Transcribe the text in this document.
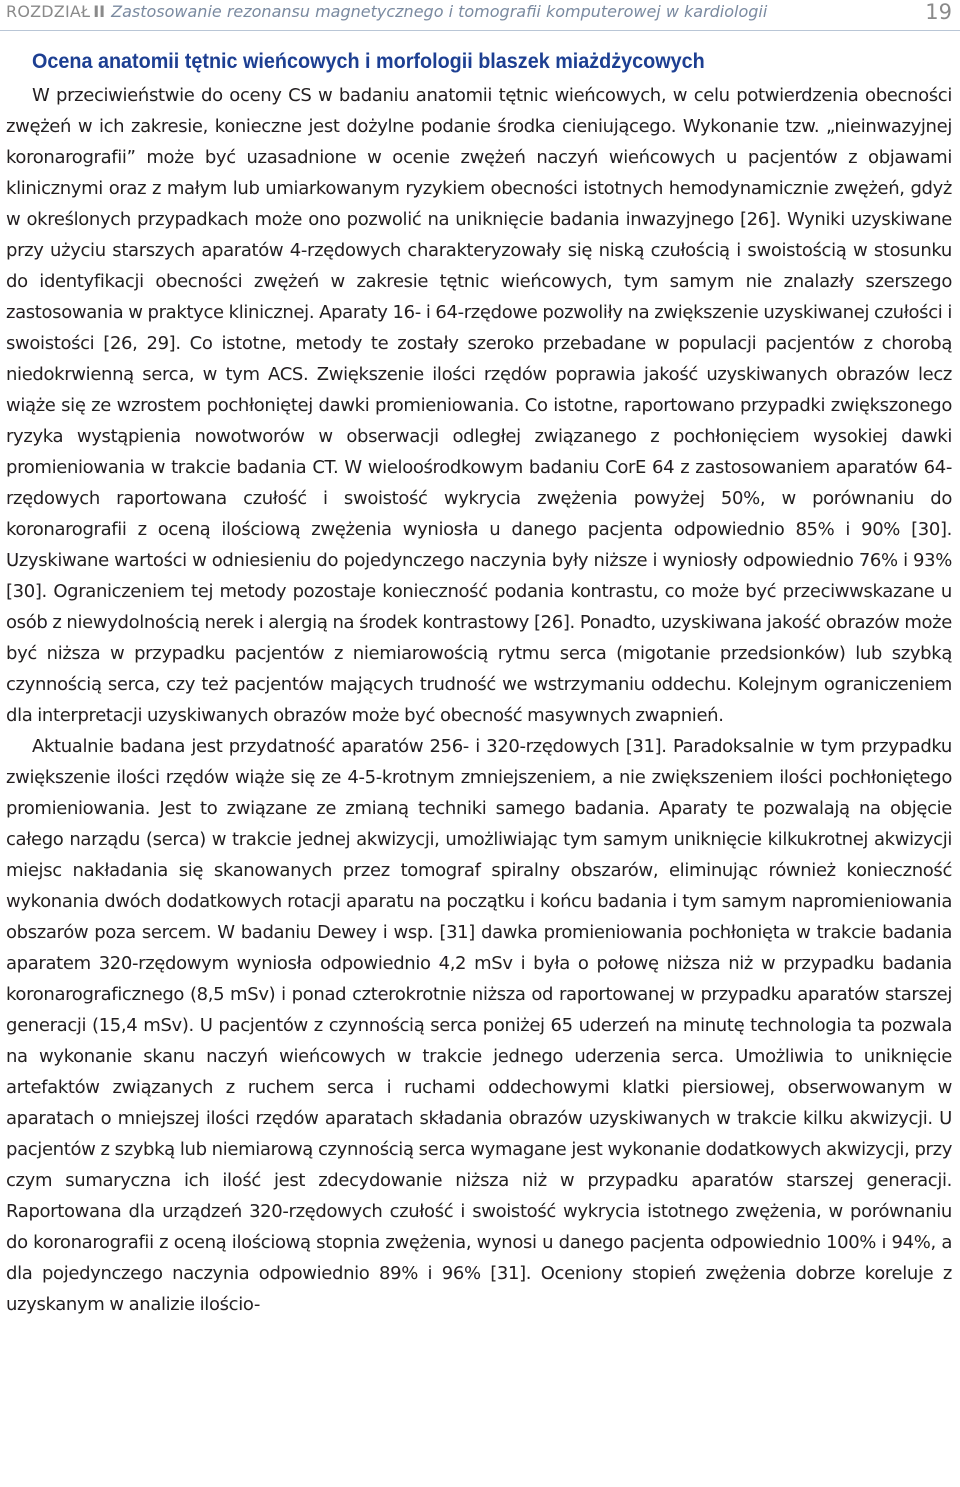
ROZDZIAŁ II Zastosowanie rezonansu magnetycznego i tomografii komputerowej w kardiologii	19
Ocena anatomii tętnic wieńcowych i morfologii blaszek miażdżycowych

W przeciwieństwie do oceny CS w badaniu anatomii tętnic wieńcowych, w celu potwierdzenia obecności zwężeń w ich zakresie, konieczne jest dożylne podanie środka cieniującego. Wykonanie tzw. „nieinwazyjnej koronarografii” może być uzasadnione w ocenie zwężeń naczyń wieńcowych u pacjentów z objawami klinicznymi oraz z małym lub umiarkowanym ryzykiem obecności istotnych hemodynamicznie zwężeń, gdyż w określonych przypadkach może ono pozwolić na uniknięcie badania inwazyjnego [26]. Wyniki uzyskiwane przy użyciu starszych aparatów 4-rzędowych charakteryzowały się niską czułością i swoistością w stosunku do identyfikacji obecności zwężeń w zakresie tętnic wieńcowych, tym samym nie znalazły szerszego zastosowania w praktyce klinicznej. Aparaty 16- i 64-rzędowe pozwoliły na zwiększenie uzyskiwanej czułości i swoistości [26, 29]. Co istotne, metody te zostały szeroko przebadane w populacji pacjentów z chorobą niedokrwienną serca, w tym ACS. Zwiększenie ilości rzędów poprawia jakość uzyskiwanych obrazów lecz wiąże się ze wzrostem pochłoniętej dawki promieniowania. Co istotne, raportowano przypadki zwiększonego ryzyka wystąpienia nowotworów w obserwacji odległej związanego z pochłonięciem wysokiej dawki promieniowania w trakcie badania CT. W wieloośrodkowym badaniu CorE 64 z zastosowaniem aparatów 64-rzędowych raportowana czułość i swoistość wykrycia zwężenia powyżej 50%, w porównaniu do koronarografii z oceną ilościową zwężenia wyniosła u danego pacjenta odpowiednio 85% i 90% [30]. Uzyskiwane wartości w odniesieniu do pojedynczego naczynia były niższe i wyniosły odpowiednio 76% i 93% [30]. Ograniczeniem tej metody pozostaje konieczność podania kontrastu, co może być przeciwwskazane u osób z niewydolnością nerek i alergią na środek kontrastowy [26]. Ponadto, uzyskiwana jakość obrazów może być niższa w przypadku pacjentów z niemiarowością rytmu serca (migotanie przedsionków) lub szybką czynnością serca, czy też pacjentów mających trudność we wstrzymaniu oddechu. Kolejnym ograniczeniem dla interpretacji uzyskiwanych obrazów może być obecność masywnych zwapnień.

Aktualnie badana jest przydatność aparatów 256- i 320-rzędowych [31]. Paradoksalnie w tym przypadku zwiększenie ilości rzędów wiąże się ze 4-5-krotnym zmniejszeniem, a nie zwiększeniem ilości pochłoniętego promieniowania. Jest to związane ze zmianą techniki samego badania. Aparaty te pozwalają na objęcie całego narządu (serca) w trakcie jednej akwizycji, umożliwiając tym samym uniknięcie kilkukrotnej akwizycji miejsc nakładania się skanowanych przez tomograf spiralny obszarów, eliminując również konieczność wykonania dwóch dodatkowych rotacji aparatu na początku i końcu badania i tym samym napromieniowania obszarów poza sercem. W badaniu Dewey i wsp. [31] dawka promieniowania pochłonięta w trakcie badania aparatem 320-rzędowym wyniosła odpowiednio 4,2 mSv i była o połowę niższa niż w przypadku badania koronarograficznego (8,5 mSv) i ponad czterokrotnie niższa od raportowanej w przypadku aparatów starszej generacji (15,4 mSv). U pacjentów z czynnością serca poniżej 65 uderzeń na minutę technologia ta pozwala na wykonanie skanu naczyń wieńcowych w trakcie jednego uderzenia serca. Umożliwia to uniknięcie artefaktów związanych z ruchem serca i ruchami oddechowymi klatki piersiowej, obserwowanym w aparatach o mniejszej ilości rzędów aparatach składania obrazów uzyskiwanych w trakcie kilku akwizycji. U pacjentów z szybką lub niemiarową czynnością serca wymagane jest wykonanie dodatkowych akwizycji, przy czym sumaryczna ich ilość jest zdecydowanie niższa niż w przypadku aparatów starszej generacji. Raportowana dla urządzeń 320-rzędowych czułość i swoistość wykrycia istotnego zwężenia, w porównaniu do koronarografii z oceną ilościową stopnia zwężenia, wynosi u danego pacjenta odpowiednio 100% i 94%, a dla pojedynczego naczynia odpowiednio 89% i 96% [31]. Oceniony stopień zwężenia dobrze koreluje z uzyskanym w analizie ilościo-
